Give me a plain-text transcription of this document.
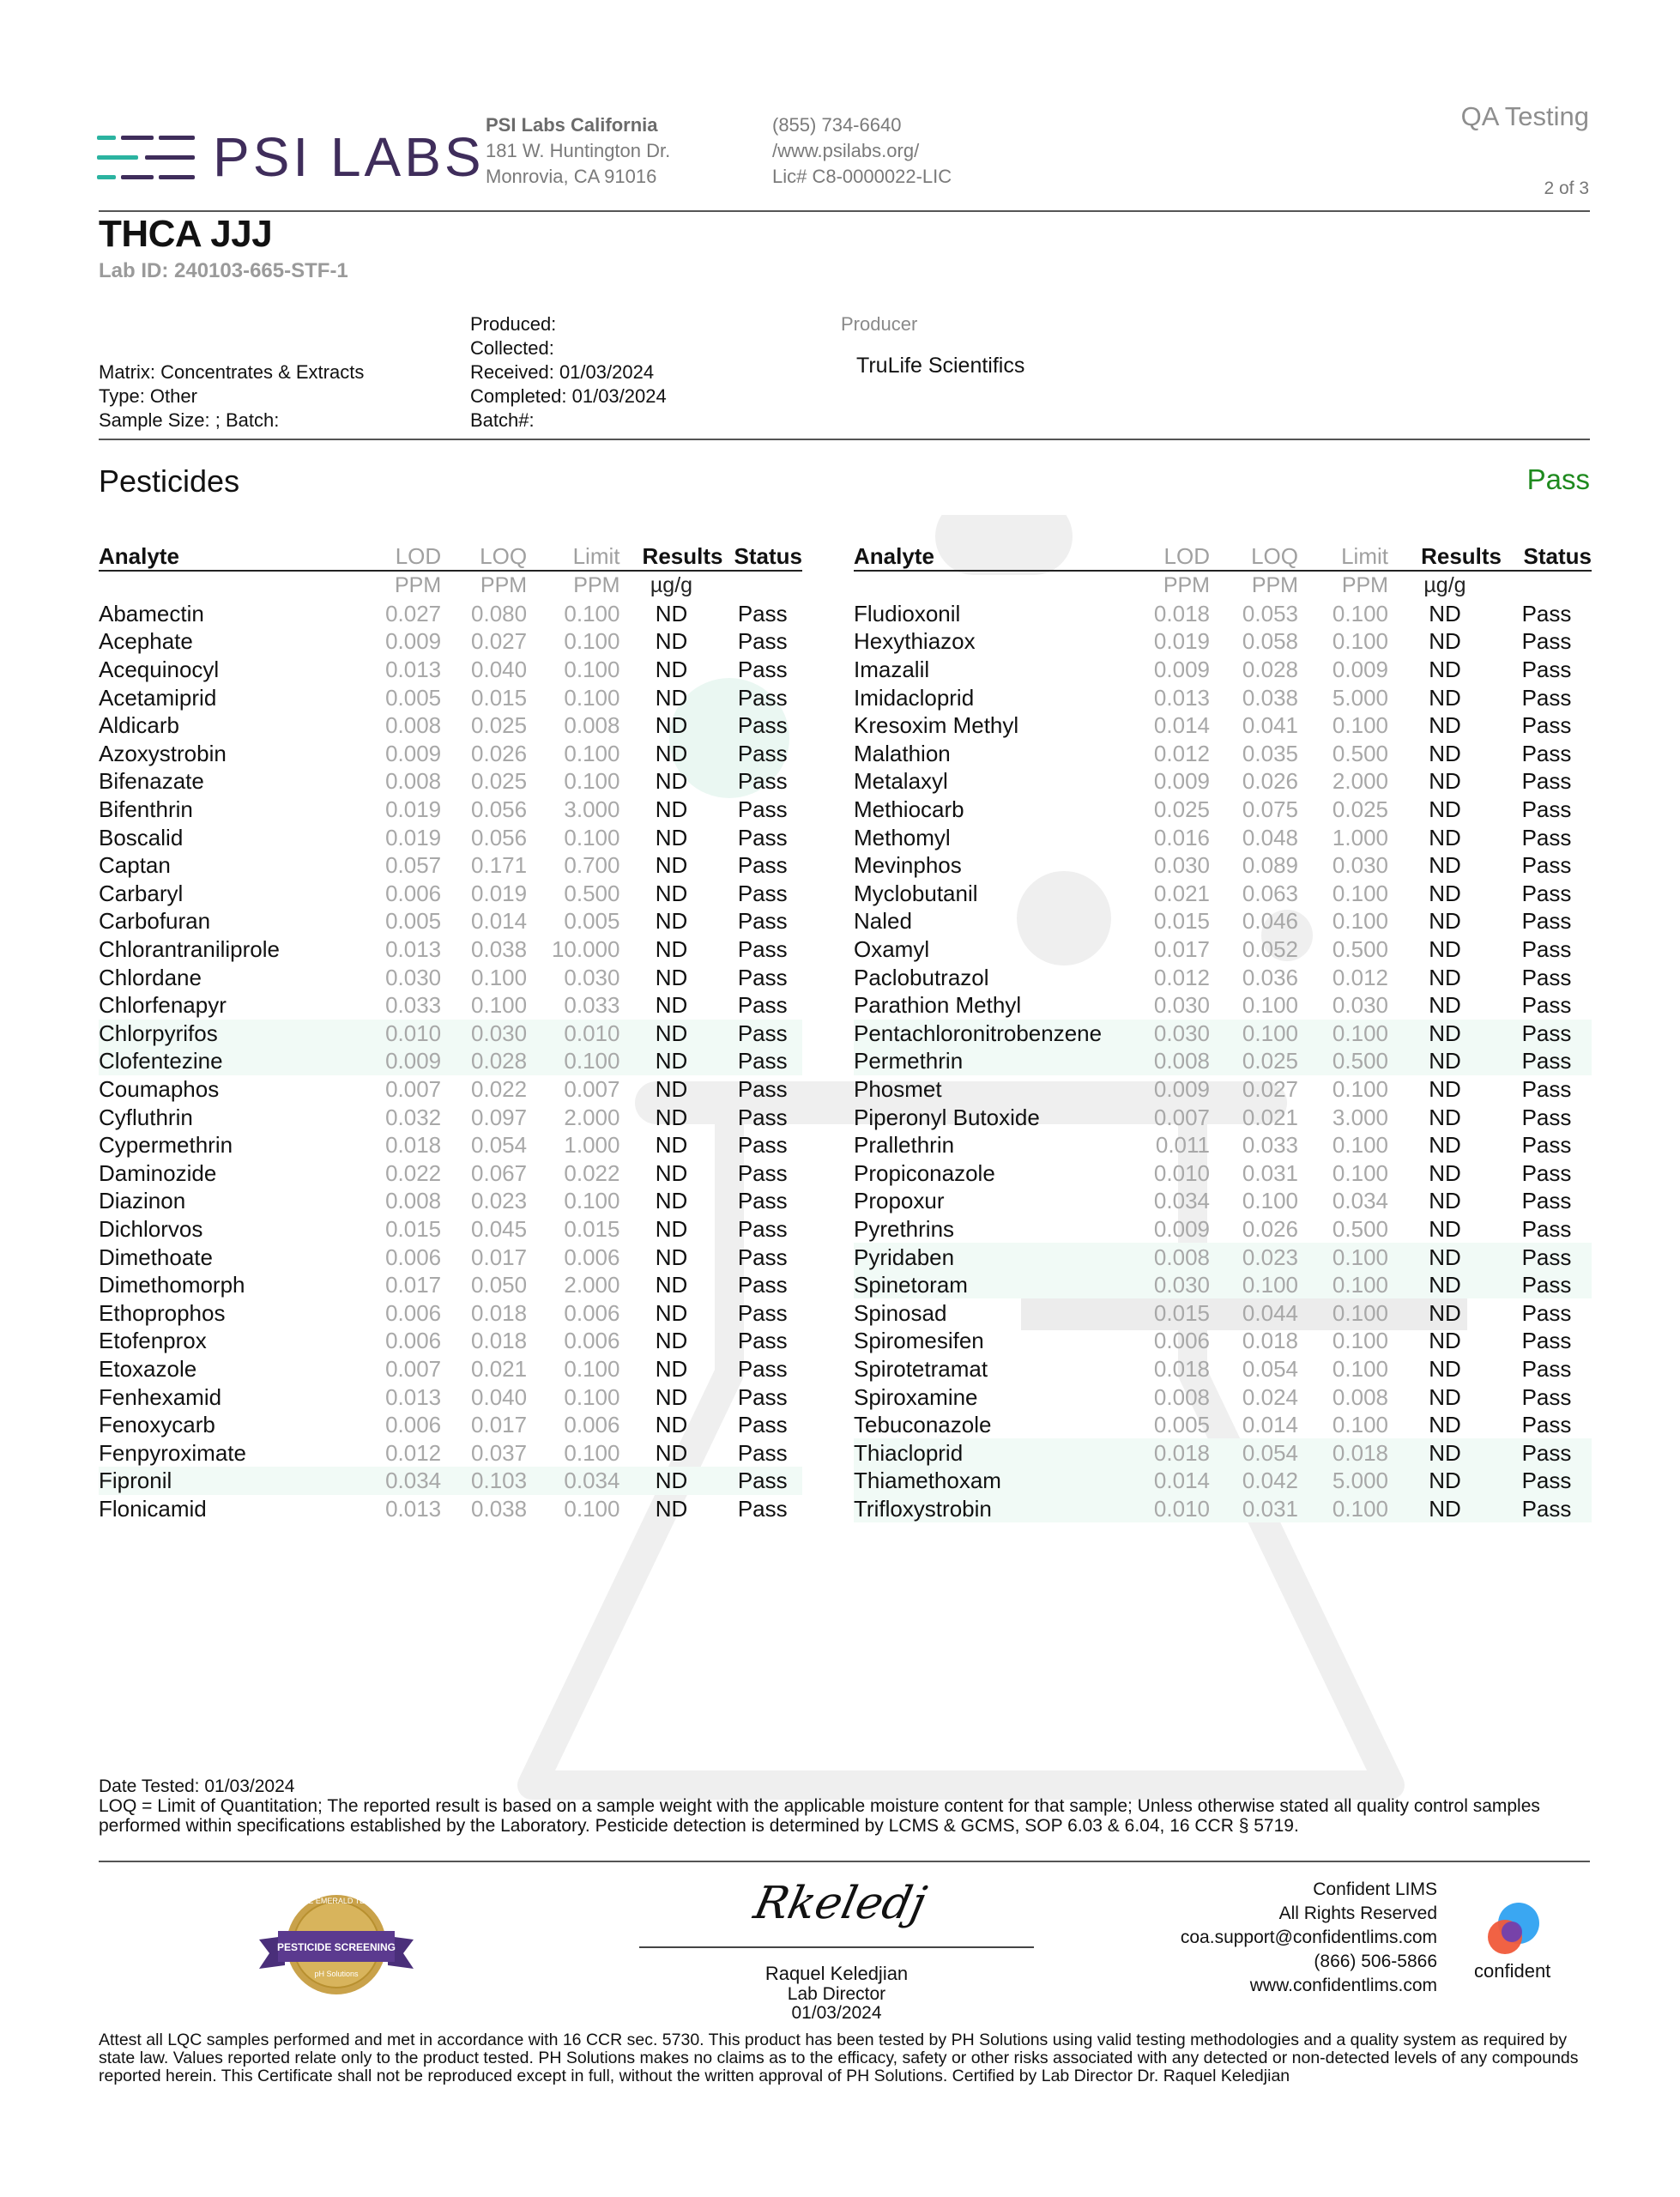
PSI LABS
PSI Labs California
181 W. Huntington Dr.
Monrovia, CA 91016
(855) 734-6640
/www.psilabs.org/
Lic# C8-0000022-LIC
QA Testing
2 of 3
THCA JJJ
Lab ID: 240103-665-STF-1
Matrix: Concentrates & Extracts
Type: Other
Sample Size: ; Batch:
Produced:
Collected:
Received: 01/03/2024
Completed: 01/03/2024
Batch#:
Producer
TruLife Scientifics
Pesticides	Pass
Analyte	LOD	LOQ	Limit	Results	Status
	PPM	PPM	PPM	µg/g	
Abamectin	0.027	0.080	0.100	ND	Pass
Acephate	0.009	0.027	0.100	ND	Pass
Acequinocyl	0.013	0.040	0.100	ND	Pass
Acetamiprid	0.005	0.015	0.100	ND	Pass
Aldicarb	0.008	0.025	0.008	ND	Pass
Azoxystrobin	0.009	0.026	0.100	ND	Pass
Bifenazate	0.008	0.025	0.100	ND	Pass
Bifenthrin	0.019	0.056	3.000	ND	Pass
Boscalid	0.019	0.056	0.100	ND	Pass
Captan	0.057	0.171	0.700	ND	Pass
Carbaryl	0.006	0.019	0.500	ND	Pass
Carbofuran	0.005	0.014	0.005	ND	Pass
Chlorantraniliprole	0.013	0.038	10.000	ND	Pass
Chlordane	0.030	0.100	0.030	ND	Pass
Chlorfenapyr	0.033	0.100	0.033	ND	Pass
Chlorpyrifos	0.010	0.030	0.010	ND	Pass
Clofentezine	0.009	0.028	0.100	ND	Pass
Coumaphos	0.007	0.022	0.007	ND	Pass
Cyfluthrin	0.032	0.097	2.000	ND	Pass
Cypermethrin	0.018	0.054	1.000	ND	Pass
Daminozide	0.022	0.067	0.022	ND	Pass
Diazinon	0.008	0.023	0.100	ND	Pass
Dichlorvos	0.015	0.045	0.015	ND	Pass
Dimethoate	0.006	0.017	0.006	ND	Pass
Dimethomorph	0.017	0.050	2.000	ND	Pass
Ethoprophos	0.006	0.018	0.006	ND	Pass
Etofenprox	0.006	0.018	0.006	ND	Pass
Etoxazole	0.007	0.021	0.100	ND	Pass
Fenhexamid	0.013	0.040	0.100	ND	Pass
Fenoxycarb	0.006	0.017	0.006	ND	Pass
Fenpyroximate	0.012	0.037	0.100	ND	Pass
Fipronil	0.034	0.103	0.034	ND	Pass
Flonicamid	0.013	0.038	0.100	ND	Pass
Analyte	LOD	LOQ	Limit	Results	Status
	PPM	PPM	PPM	µg/g	
Fludioxonil	0.018	0.053	0.100	ND	Pass
Hexythiazox	0.019	0.058	0.100	ND	Pass
Imazalil	0.009	0.028	0.009	ND	Pass
Imidacloprid	0.013	0.038	5.000	ND	Pass
Kresoxim Methyl	0.014	0.041	0.100	ND	Pass
Malathion	0.012	0.035	0.500	ND	Pass
Metalaxyl	0.009	0.026	2.000	ND	Pass
Methiocarb	0.025	0.075	0.025	ND	Pass
Methomyl	0.016	0.048	1.000	ND	Pass
Mevinphos	0.030	0.089	0.030	ND	Pass
Myclobutanil	0.021	0.063	0.100	ND	Pass
Naled	0.015	0.046	0.100	ND	Pass
Oxamyl	0.017	0.052	0.500	ND	Pass
Paclobutrazol	0.012	0.036	0.012	ND	Pass
Parathion Methyl	0.030	0.100	0.030	ND	Pass
Pentachloronitrobenzene	0.030	0.100	0.100	ND	Pass
Permethrin	0.008	0.025	0.500	ND	Pass
Phosmet	0.009	0.027	0.100	ND	Pass
Piperonyl Butoxide	0.007	0.021	3.000	ND	Pass
Prallethrin	0.011	0.033	0.100	ND	Pass
Propiconazole	0.010	0.031	0.100	ND	Pass
Propoxur	0.034	0.100	0.034	ND	Pass
Pyrethrins	0.009	0.026	0.500	ND	Pass
Pyridaben	0.008	0.023	0.100	ND	Pass
Spinetoram	0.030	0.100	0.100	ND	Pass
Spinosad	0.015	0.044	0.100	ND	Pass
Spiromesifen	0.006	0.018	0.100	ND	Pass
Spirotetramat	0.018	0.054	0.100	ND	Pass
Spiroxamine	0.008	0.024	0.008	ND	Pass
Tebuconazole	0.005	0.014	0.100	ND	Pass
Thiacloprid	0.018	0.054	0.018	ND	Pass
Thiamethoxam	0.014	0.042	5.000	ND	Pass
Trifloxystrobin	0.010	0.031	0.100	ND	Pass
Date Tested: 01/03/2024
LOQ = Limit of Quantitation; The reported result is based on a sample weight with the applicable moisture content for that sample; Unless otherwise stated all quality control samples performed within specifications established by the Laboratory. Pesticide detection is determined by LCMS & GCMS, SOP 6.03 & 6.04, 16 CCR § 5719.
THE EMERALD TEST
PESTICIDE SCREENING
pH Solutions
Rkeledj
Raquel Keledjian
Lab Director
01/03/2024
Confident LIMS
All Rights Reserved
coa.support@confidentlims.com
(866) 506-5866
www.confidentlims.com
confident
Attest all LQC samples performed and met in accordance with 16 CCR sec. 5730. This product has been tested by PH Solutions using valid testing methodologies and a quality system as required by state law. Values reported relate only to the product tested. PH Solutions makes no claims as to the efficacy, safety or other risks associated with any detected or non-detected levels of any compounds reported herein. This Certificate shall not be reproduced except in full, without the written approval of PH Solutions. Certified by Lab Director Dr. Raquel Keledjian
